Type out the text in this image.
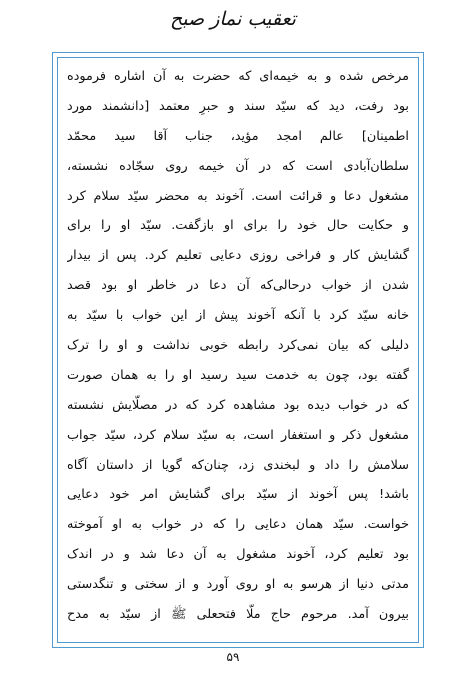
تعقیب نماز صبح
مرخص شده و به خیمه‌ای که حضرت به آن اشاره فرموده
بود رفت، دید که سیّد سند و حبرِ معتمد [دانشمند مورد
اطمینان] عالم امجد مؤید، جناب آقا سید محمّد
سلطان‌آبادی است که در آن خیمه روی سجّاده نشسته،
مشغول دعا و قرائت است. آخوند به محضر سیّد سلام کرد
و حکایت حال خود را برای او بازگفت. سیّد او را برای
گشایش کار و فراخی روزی دعایی تعلیم کرد. پس از بیدار
شدن از خواب درحالی‌که آن دعا در خاطر او بود قصد
خانه سیّد کرد با آنکه آخوند پیش از این خواب با سیّد به
دلیلی که بیان نمی‌کرد رابطه خوبی نداشت و او را ترک
گفته بود، چون به خدمت سید رسید او را به همان صورت
که در خواب دیده بود مشاهده کرد که در مصلّایش نشسته
مشغول ذکر و استغفار است، به سیّد سلام کرد، سیّد جواب
سلامش را داد و لبخندی زد، چنان‌که گویا از داستان آگاه
باشد! پس آخوند از سیّد برای گشایش امر خود دعایی
خواست. سیّد همان دعایی را که در خواب به او آموخته
بود تعلیم کرد، آخوند مشغول به آن دعا شد و در اندک
مدتی دنیا از هرسو به او روی آورد و از سختی و تنگدستی
بیرون آمد. مرحوم حاج ملّا فتحعلی ﷺ از سیّد به مدح
۵۹
